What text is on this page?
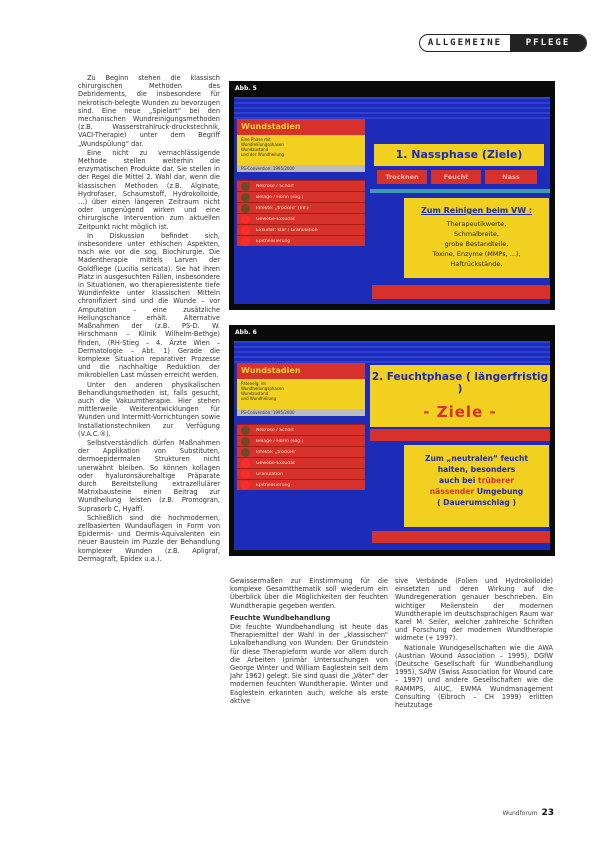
ALLGEMEINE	PFLEGE

Zu Beginn stehen die klassisch chirurgischen Methoden des Debridements, die insbesondere für nekrotisch-belegte Wunden zu bevorzugen sind. Eine neue „Spielart“ bei den mechanischen Wundreinigungsmethoden (z.B. Wasserstrahlruck-druckstechnik, VACI-Therapie) unter dem Begriff „Wundspülung“ dar.

Eine nicht zu vernachlässigende Methode stellen weiterhin die enzymatischen Produkte dar. Sie stellen in der Regel die Mittel 2. Wahl dar, wenn die klassischen Methoden (z.B. Alginate, Hydrofaser, Schaumstoff, Hydrokolloide, …) über einen längeren Zeitraum nicht oder ungenügend wirken und eine chirurgische Intervention zum aktuellen Zeitpunkt nicht möglich ist.

In Diskussion befindet sich, insbesondere unter ethischen Aspekten, nach wie vor die sog. Biochirurgie. Die Madentherapie mittels Larven der Goldfliege (Lucilia sericata). Sie hat ihren Platz in ausgesuchten Fällen, insbesondere in Situationen, wo therapieresistente tiefe Wundinfekte unter klassischen Mitteln chronifiziert sind und die Wunde – vor Amputation – eine zusätzliche Heilungschance erhält. Alternative Maßnahmen der (z.B. PS-D. W. Hirschmann – Klinik Wilhelm-Bethge) finden, (RH-Stieg – 4. Ärzte Wien – Dermatologie – Abt. 1) Gerade die komplexe Situation reparativer Prozesse und die nachhaltige Reduktion der mikrobiellen Last müssen erreicht werden.

Unter den anderen physikalischen Behandlungsmethoden ist, falls gesucht, auch die Vakuumtherapie. Hier stehen mittlerweile Weiterentwicklungen für Wunden und Intermitt-Vorrichtungen sowie Installationstechniken zur Verfügung (V.A.C.®).

Selbstverständlich dürfen Maßnahmen der Applikation von Substituten, dermoepidermalen Strukturen nicht unerwähnt bleiben. So können kollagen oder hyaluronsäurehaltige Präparate durch Bereitstellung extrazellulärer Matrixbausteine einen Beitrag zur Wundheilung leisten (z.B. Promogran, Suprasorb C, Hyaff).

Schließlich sind die hochmodernen, zellbasierten Wundauflagen in Form von Epidermis- und Dermis-Äquivalenten ein neuer Baustein im Puzzle der Behandlung komplexer Wunden (z.B. Apligraf, Dermagraft, Epidex u.a.).

Abb. 5
Wundstadien
Eine Phase mit
Wundheilungsphasen
Wundzustand
und der Wundheilung
PS-Convention: 1995/2000
Nekrose / Schorf
Beläge / Fibrin (sog.)
Infekte: „trocken“ (Inf.)
Gewebe-Exsudat
Exsudat: klar / Granulation
Epithelisierung
1. Nassphase (Ziele)
Trocknen	Feucht	Nass
Zum Reinigen beim VW :
Therapeutikwerte,
Schmalbreite,
grobe Bestandteile,
Toxine, Enzyme (MMPs, ...),
Haftrückstände,
Abb. 6
Wundstadien
Pateneig. im
Wundheilungsphasen
Wundzustand
und Wundheilung
PS-Convention: 1995/2000
Nekrose / Schorf
Beläge / Fibrin (sog.)
Infekte: „trocken“
Gewebe-Exsudat
Granulation
Epithelisierung
2. Feuchtphase ( längerfristig )
- Ziele -
Zum „neutralen“ feucht
halten, besonders
auch bei trüberer
nässender Umgebung
( Dauerumschlag )

Gewissermaßen zur Einstimmung für die komplexe Gesamtthematik soll wiederum ein Überblick über die Möglichkeiten der feuchten Wundtherapie gegeben werden.

Feuchte Wundbehandlung

Die feuchte Wundbehandlung ist heute das Therapiemittel der Wahl in der „klassischen“ Lokalbehandlung von Wunden. Der Grundstein für diese Therapieform wurde vor allem durch die Arbeiten (primär Untersuchungen von George Winter und William Eaglestein seit dem Jahr 1962) gelegt. Sie sind quasi die „Väter“ der modernen feuchten Wundtherapie. Winter und Eaglestein erkannten auch, welche als erste aktive

sive Verbände (Folien und Hydrokolloide) einsetzten und deren Wirkung auf die Wundregeneration genauer beschrieben. Ein wichtiger Meilenstein der modernen Wundtherapie im deutschsprachigen Raum war Karel M. Seiler, welcher zahlreiche Schriften und Forschung der modernen Wundtherapie widmete (+ 1997).

Nationale Wundgesellschaften wie die AWA (Austrian Wound Association – 1995), DGfW (Deutsche Gesellschaft für Wundbehandlung 1995), SAfW (Swiss Association for Wound care – 1997) und andere Gesellschaften wie die RAMMPS, AIUC, EWMA Wundmanagement Consulting (Eibroch – CH 1999) erlitten heutzutage

Wundforum 23
